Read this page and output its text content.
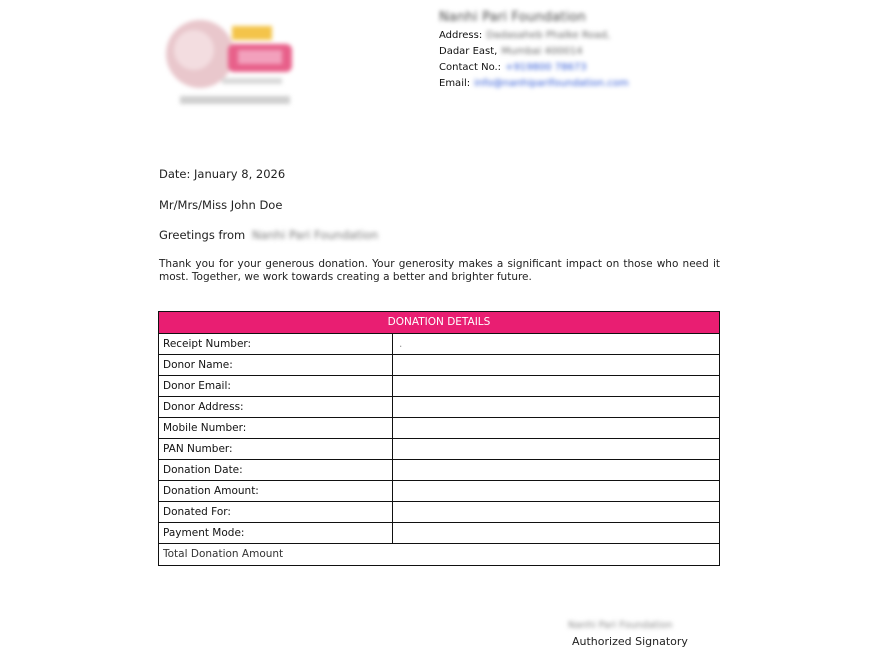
Nanhi Pari Foundation
Address: Dadasaheb Phalke Road,
Dadar East, Mumbai 400014
Contact No.: +919800 78673
Email: info@nanhiparifoundation.com
Date: January 8, 2026
Mr/Mrs/Miss John Doe
Greetings from Nanhi Pari Foundation
Thank you for your generous donation. Your generosity makes a significant impact on those who need it most. Together, we work towards creating a better and brighter future.
DONATION DETAILS
Receipt Number:	.
Donor Name:
Donor Email:
Donor Address:
Mobile Number:
PAN Number:
Donation Date:
Donation Amount:
Donated For:
Payment Mode:
Total Donation Amount
Nanhi Pari Foundation
Authorized Signatory
